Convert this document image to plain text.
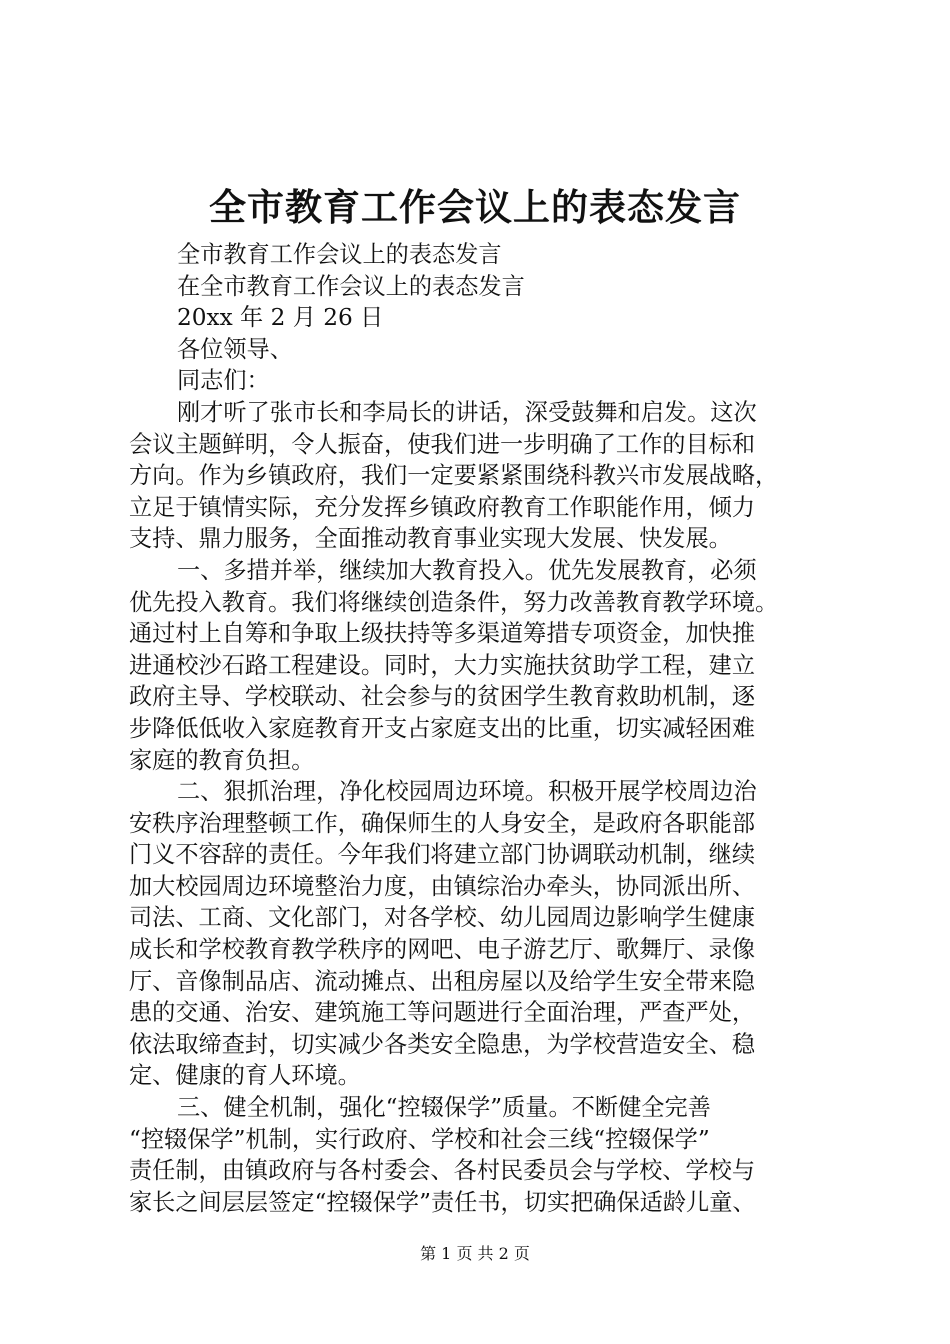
全市教育工作会议上的表态发言
全市教育工作会议上的表态发言
在全市教育工作会议上的表态发言
20xx 年 2 月 26 日
各位领导、
同志们：
刚才听了张市长和李局长的讲话，深受鼓舞和启发。这次
会议主题鲜明，令人振奋，使我们进一步明确了工作的目标和
方向。作为乡镇政府，我们一定要紧紧围绕科教兴市发展战略，
立足于镇情实际，充分发挥乡镇政府教育工作职能作用，倾力
支持、鼎力服务，全面推动教育事业实现大发展、快发展。
一、多措并举，继续加大教育投入。优先发展教育，必须
优先投入教育。我们将继续创造条件，努力改善教育教学环境。
通过村上自筹和争取上级扶持等多渠道筹措专项资金，加快推
进通校沙石路工程建设。同时，大力实施扶贫助学工程，建立
政府主导、学校联动、社会参与的贫困学生教育救助机制，逐
步降低低收入家庭教育开支占家庭支出的比重，切实减轻困难
家庭的教育负担。
二、狠抓治理，净化校园周边环境。积极开展学校周边治
安秩序治理整顿工作，确保师生的人身安全，是政府各职能部
门义不容辞的责任。今年我们将建立部门协调联动机制，继续
加大校园周边环境整治力度，由镇综治办牵头，协同派出所、
司法、工商、文化部门，对各学校、幼儿园周边影响学生健康
成长和学校教育教学秩序的网吧、电子游艺厅、歌舞厅、录像
厅、音像制品店、流动摊点、出租房屋以及给学生安全带来隐
患的交通、治安、建筑施工等问题进行全面治理，严查严处，
依法取缔查封，切实减少各类安全隐患，为学校营造安全、稳
定、健康的育人环境。
三、健全机制，强化“控辍保学”质量。不断健全完善
“控辍保学”机制，实行政府、学校和社会三线“控辍保学”
责任制，由镇政府与各村委会、各村民委员会与学校、学校与
家长之间层层签定“控辍保学”责任书，切实把确保适龄儿童、
第 1 页 共 2 页
